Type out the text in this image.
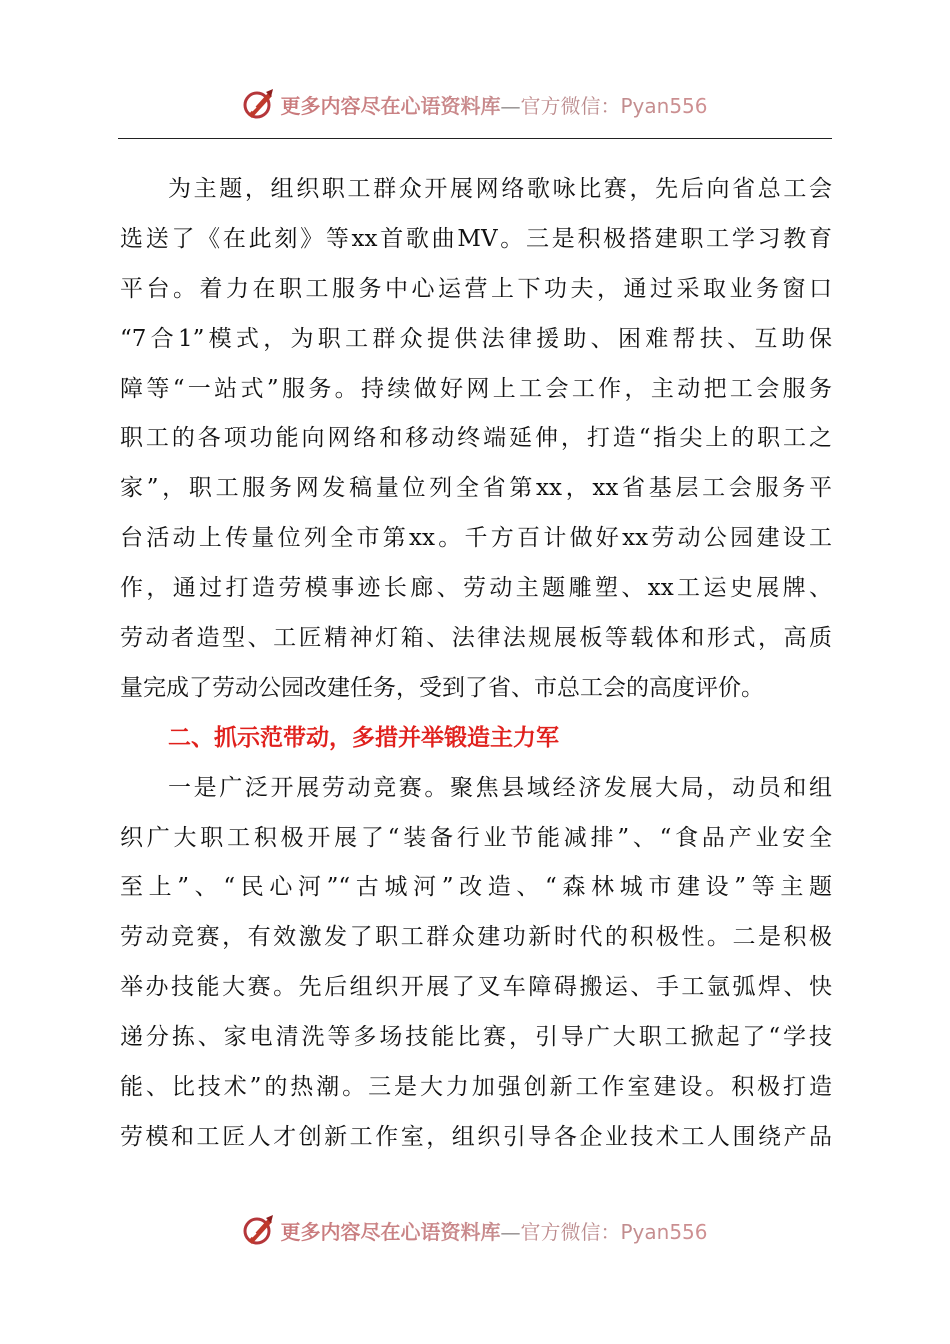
更多内容尽在心语资料库—官方微信：Pyan556
为主题，组织职工群众开展网络歌咏比赛，先后向省总工会
选送了《在此刻》等xx首歌曲MV。三是积极搭建职工学习教育
平台。着力在职工服务中心运营上下功夫，通过采取业务窗口
“7合1”模式，为职工群众提供法律援助、困难帮扶、互助保
障等“一站式”服务。持续做好网上工会工作，主动把工会服务
职工的各项功能向网络和移动终端延伸，打造“指尖上的职工之
家”，职工服务网发稿量位列全省第xx，xx省基层工会服务平
台活动上传量位列全市第xx。千方百计做好xx劳动公园建设工
作，通过打造劳模事迹长廊、劳动主题雕塑、xx工运史展牌、
劳动者造型、工匠精神灯箱、法律法规展板等载体和形式，高质
量完成了劳动公园改建任务，受到了省、市总工会的高度评价。
二、抓示范带动，多措并举锻造主力军
一是广泛开展劳动竞赛。聚焦县域经济发展大局，动员和组
织广大职工积极开展了“装备行业节能减排”、“食品产业安全
至上”、“民心河”“古城河”改造、“森林城市建设”等主题
劳动竞赛，有效激发了职工群众建功新时代的积极性。二是积极
举办技能大赛。先后组织开展了叉车障碍搬运、手工氩弧焊、快
递分拣、家电清洗等多场技能比赛，引导广大职工掀起了“学技
能、比技术”的热潮。三是大力加强创新工作室建设。积极打造
劳模和工匠人才创新工作室，组织引导各企业技术工人围绕产品
更多内容尽在心语资料库—官方微信：Pyan556
